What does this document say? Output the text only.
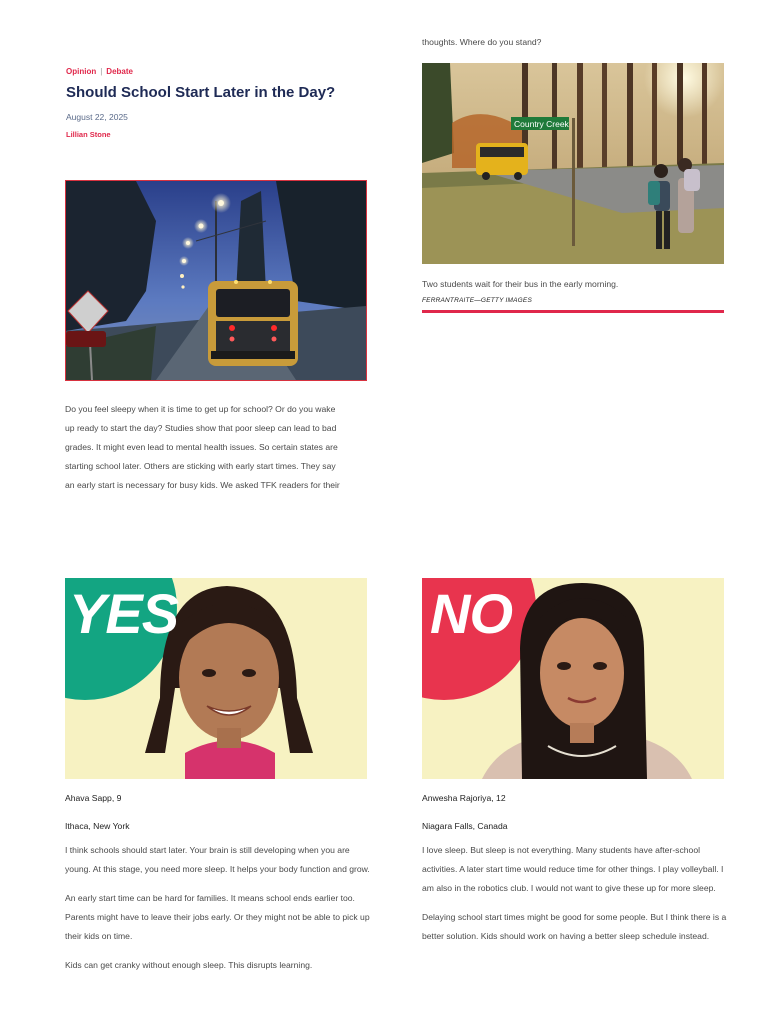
thoughts. Where do you stand?
Opinion | Debate
Should School Start Later in the Day?
August 22, 2025
Lillian Stone
Country Creek
Two students wait for their bus in the early morning.
FERRANTRAITE—GETTY IMAGES
Do you feel sleepy when it is time to get up for school? Or do you wake
up ready to start the day? Studies show that poor sleep can lead to bad
grades. It might even lead to mental health issues. So certain states are
starting school later. Others are sticking with early start times. They say
an early start is necessary for busy kids. We asked TFK readers for their
YES	NO
Ahava Sapp, 9
Ithaca, New York

I think schools should start later. Your brain is still developing when you are young. At this stage, you need more sleep. It helps your body function and grow.

An early start time can be hard for families. It means school ends earlier too. Parents might have to leave their jobs early. Or they might not be able to pick up their kids on time.

Kids can get cranky without enough sleep. This disrupts learning.

Anwesha Rajoriya, 12
Niagara Falls, Canada

I love sleep. But sleep is not everything. Many students have after-school activities. A later start time would reduce time for other things. I play volleyball. I am also in the robotics club. I would not want to give these up for more sleep.

Delaying school start times might be good for some people. But I think there is a better solution. Kids should work on having a better sleep schedule instead.
